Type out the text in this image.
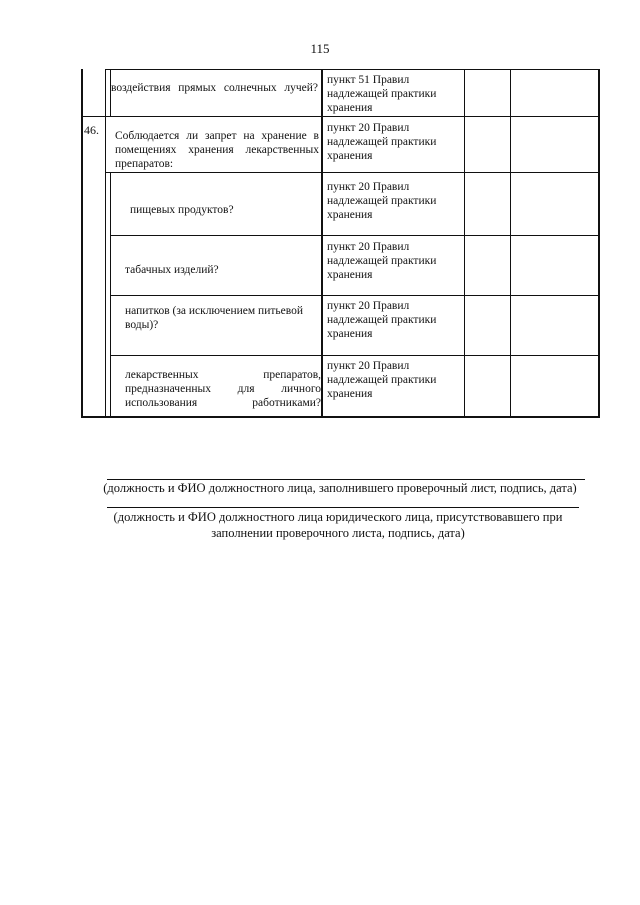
115
воздействия прямых солнечных лучей?
пункт 51 Правил надлежащей практики хранения
46.	Соблюдается ли запрет на хранение в помещениях хранения лекарственных препаратов:
пункт 20 Правил надлежащей практики хранения
пищевых продуктов?
пункт 20 Правил надлежащей практики хранения
табачных изделий?
пункт 20 Правил надлежащей практики хранения
напитков (за исключением питьевой воды)?
пункт 20 Правил надлежащей практики хранения
лекарственных препаратов, предназначенных для личного использования работниками?
пункт 20 Правил надлежащей практики хранения
(должность и ФИО должностного лица, заполнившего проверочный лист, подпись, дата)
(должность и ФИО должностного лица юридического лица, присутствовавшего при заполнении проверочного листа, подпись, дата)
